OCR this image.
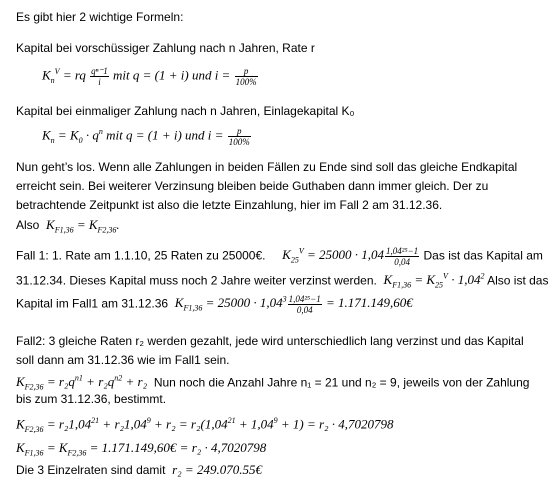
Es gibt hier 2 wichtige Formeln:
Kapital bei vorschüssiger Zahlung nach n Jahren, Rate r
$K_n^V$ = rq $\frac{\text{qⁿ⁻1}}{i}$ mit q = (1 + i) und $i = \frac{p}{100\%}$
Kapital bei einmaliger Zahlung nach n Jahren, Einlagekapital K₀
$K_n = K_0 \cdot q^n$ mit q = (1 + i) und $i = \frac{p}{100\%}$
Nun geht’s los. Wenn alle Zahlungen in beiden Fällen zu Ende sind soll das gleiche Endkapital erreicht sein. Bei weiterer Verzinsung bleiben beide Guthaben dann immer gleich. Der zu betrachtende Zeitpunkt ist also die letzte Einzahlung, hier im Fall 2 am 31.12.36.
Also $K_{F1,36} = K_{F2,36}$.
Fall 1: 1. Rate am 1.1.10, 25 Raten zu 25000€. $K_{25}^V = 25000 \cdot 1,04 \frac{\text{1,04²⁵−1}}{0,04}$ Das ist das Kapital am
31.12.34. Dieses Kapital muss noch 2 Jahre weiter verzinst werden. $K_{F1,36} = K_{25}^V \cdot 1,04^2$ Also ist das
Kapital im Fall1 am 31.12.36 $K_{F1,36} = 25000 \cdot 1,04^3 \frac{\text{1,04²⁵−1}}{0,04}$ = 1.171.149,60€
Fall2: 3 gleiche Raten r₂ werden gezahlt, jede wird unterschiedlich lang verzinst und das Kapital soll dann am 31.12.36 wie im Fall1 sein.
$K_{F2,36} = r_2q^{n1} + r_2q^{n2} + r_2$ Nun noch die Anzahl Jahre n₁ = 21 und n₂ = 9, jeweils von der Zahlung
bis zum 31.12.36, bestimmt.
$K_{F2,36} = r_21,04^{21} + r_21,04^9 + r_2 = r_2(1,04^{21} + 1,04^9 + 1) = r_2 \cdot 4,7020798$
$K_{F1,36} = K_{F2,36}$ = 1.171.149,60€ = r₂ · 4,7020798
Die 3 Einzelraten sind damit r₂ = 249.070.55€
